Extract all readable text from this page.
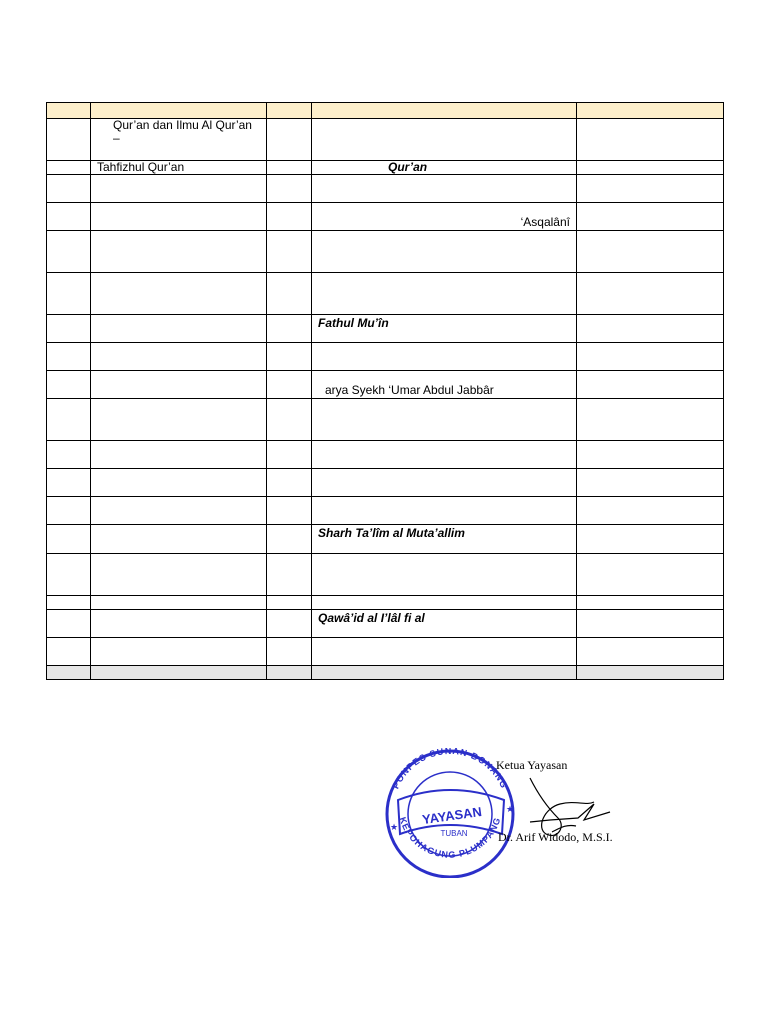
	Qur’an dan Ilmu Al Qur’an –			
	Tahfizhul Qur’an		Qur’an	

			‘Asqalânî	

			Fathul Mu’în	

			arya Syekh ‘Umar Abdul Jabbâr	

			Sharh Ta’lîm al Muta’allim	

			Qawâ’id al I’lâl fi al	

PONPES SUNAN BONANG
KEPOHAGUNG PLUMPANG
YAYASAN
TUBAN
★
★
Ketua Yayasan
Dr. Arif Widodo, M.S.I.
